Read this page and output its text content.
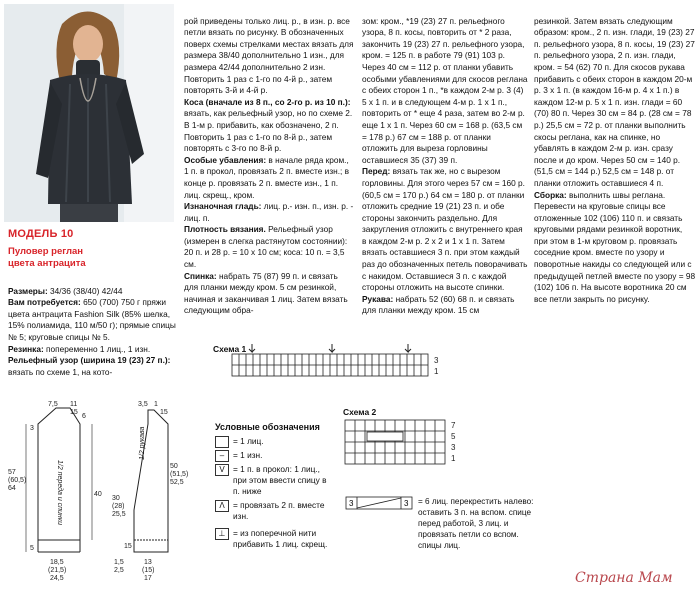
МОДЕЛЬ 10
Пуловер реглан
цвета антрацита

Размеры: 34/36 (38/40) 42/44
Вам потребуется: 650 (700) 750 г пряжи цвета антрацита Fashion Silk (85% шелка, 15% полиамида, 110 м/50 г); прямые спицы № 5; круговые спицы № 5.
Резинка: попеременно 1 лиц., 1 изн.
Рельефный узор (ширина 19 (23) 27 п.): вязать по схеме 1, на кото-

рой приведены только лиц. р., в изн. р. все петли вязать по рисунку. В обозначенных поверх схемы стрелками местах вязать для размера 38/40 дополнительно 1 изн., для размера 42/44 дополнительно 2 изн. Повторить 1 раз с 1-го по 4-й р., затем повторять 3-й и 4-й р.
Коса (вначале из 8 п., со 2-го р. из 10 п.): вязать, как рельефный узор, но по схеме 2. В 1-м р. прибавить, как обозначено, 2 п. Повторить 1 раз с 1-го по 8-й р., затем повторять с 3-го по 8-й р.
Особые убавления: в начале ряда кром., 1 п. в прокол, провязать 2 п. вместе изн.; в конце р. провязать 2 п. вместе изн., 1 п. лиц. скрещ., кром.
Изнаночная гладь: лиц. р.- изн. п., изн. р. - лиц. п.
Плотность вязания. Рельефный узор (измерен в слегка растянутом состоянии): 20 п. и 28 р. = 10 х 10 см; коса: 10 п. = 3,5 см.
Спинка: набрать 75 (87) 99 п. и связать для планки между кром. 5 см резинкой, начиная и заканчивая 1 лиц. Затем вязать следующим обра-

зом: кром., *19 (23) 27 п. рельефного узора, 8 п. косы, повторить от * 2 раза, закончить 19 (23) 27 п. рельефного узора, кром. = 125 п. в работе 79 (91) 103 р. Через 40 см = 112 р. от планки убавить особыми убавлениями для скосов реглана с обеих сторон 1 п., *в каждом 2-м р. 3 (4) 5 х 1 п. и в следующем 4-м р. 1 х 1 п., повторить от * еще 4 раза, затем во 2-м р. еще 1 х 1 п. Через 60 см = 168 р. (63,5 см = 178 р.) 67 см = 188 р. от планки отложить для выреза горловины оставшиеся 35 (37) 39 п.
Перед: вязать так же, но с вырезом горловины. Для этого через 57 см = 160 р. (60,5 см = 170 р.) 64 см = 180 р. от планки отложить средние 19 (21) 23 п. и обе стороны закончить раздельно. Для закругления отложить с внутреннего края в каждом 2-м р. 2 х 2 и 1 х 1 п. Затем вязать оставшиеся 3 п. при этом каждый раз до обозначенных петель поворачивать с накидом. Оставшиеся 3 п. с каждой стороны отложить на высоте спинки.
Рукава: набрать 52 (60) 68 п. и связать для планки между кром. 15 см

резинкой. Затем вязать следующим образом: кром., 2 п. изн. глади, 19 (23) 27 п. рельефного узора, 8 п. косы, 19 (23) 27 п. рельефного узора, 2 п. изн. глади, кром. = 54 (62) 70 п. Для скосов рукава прибавить с обеих сторон в каждом 20-м р. 3 х 1 п. (в каждом 16-м р. 4 х 1 п.) в каждом 12-м р. 5 х 1 п. изн. глади = 60 (70) 80 п. Через 30 см = 84 р. (28 см = 78 р.) 25,5 см = 72 р. от планки выполнить скосы реглана, как на спинке, но убавлять в каждом 2-м р. изн. сразу после и до кром. Через 50 см = 140 р. (51,5 см = 144 р.) 52,5 см = 148 р. от планки отложить оставшиеся 4 п.
Сборка: выполнить швы реглана. Перевести на круговые спицы все отложенные 102 (106) 110 п. и связать круговыми рядами резинкой воротник, при этом в 1-м круговом р. провязать соседние кром. вместе по узору и поворотные накиды со следующей или с предыдущей петлей вместе по узору = 98 (102) 106 п. На высоте воротника 20 см все петли закрыть по рисунку.

Схема 1
3
1
Схема 2
7
5
3
1
Условные обозначения
= 1 лиц.
–	= 1 изн.
V	= 1 п. в прокол: 1 лиц., при этом ввести спицу в п. ниже
Λ	= провязать 2 п. вместе изн.
⊥ = из поперечной нити прибавить 1 лиц. скрещ.
3	3 = 6 лиц. перекрестить налево: оставить 3 п. на вспом. спице перед работой, 3 лиц. и провязать петли со вспом. спицы лиц.
7,5 11
15
3
6
57
(60,5)
64
40
5
18,5
(21,5)
24,5
1/2 переда и спинки
3,5 1
15
50
(51,5)
52,5
30
(28)
25,5
15
1,5
2,5
13
(15)
17
1/2 рукава
Страна Мам
